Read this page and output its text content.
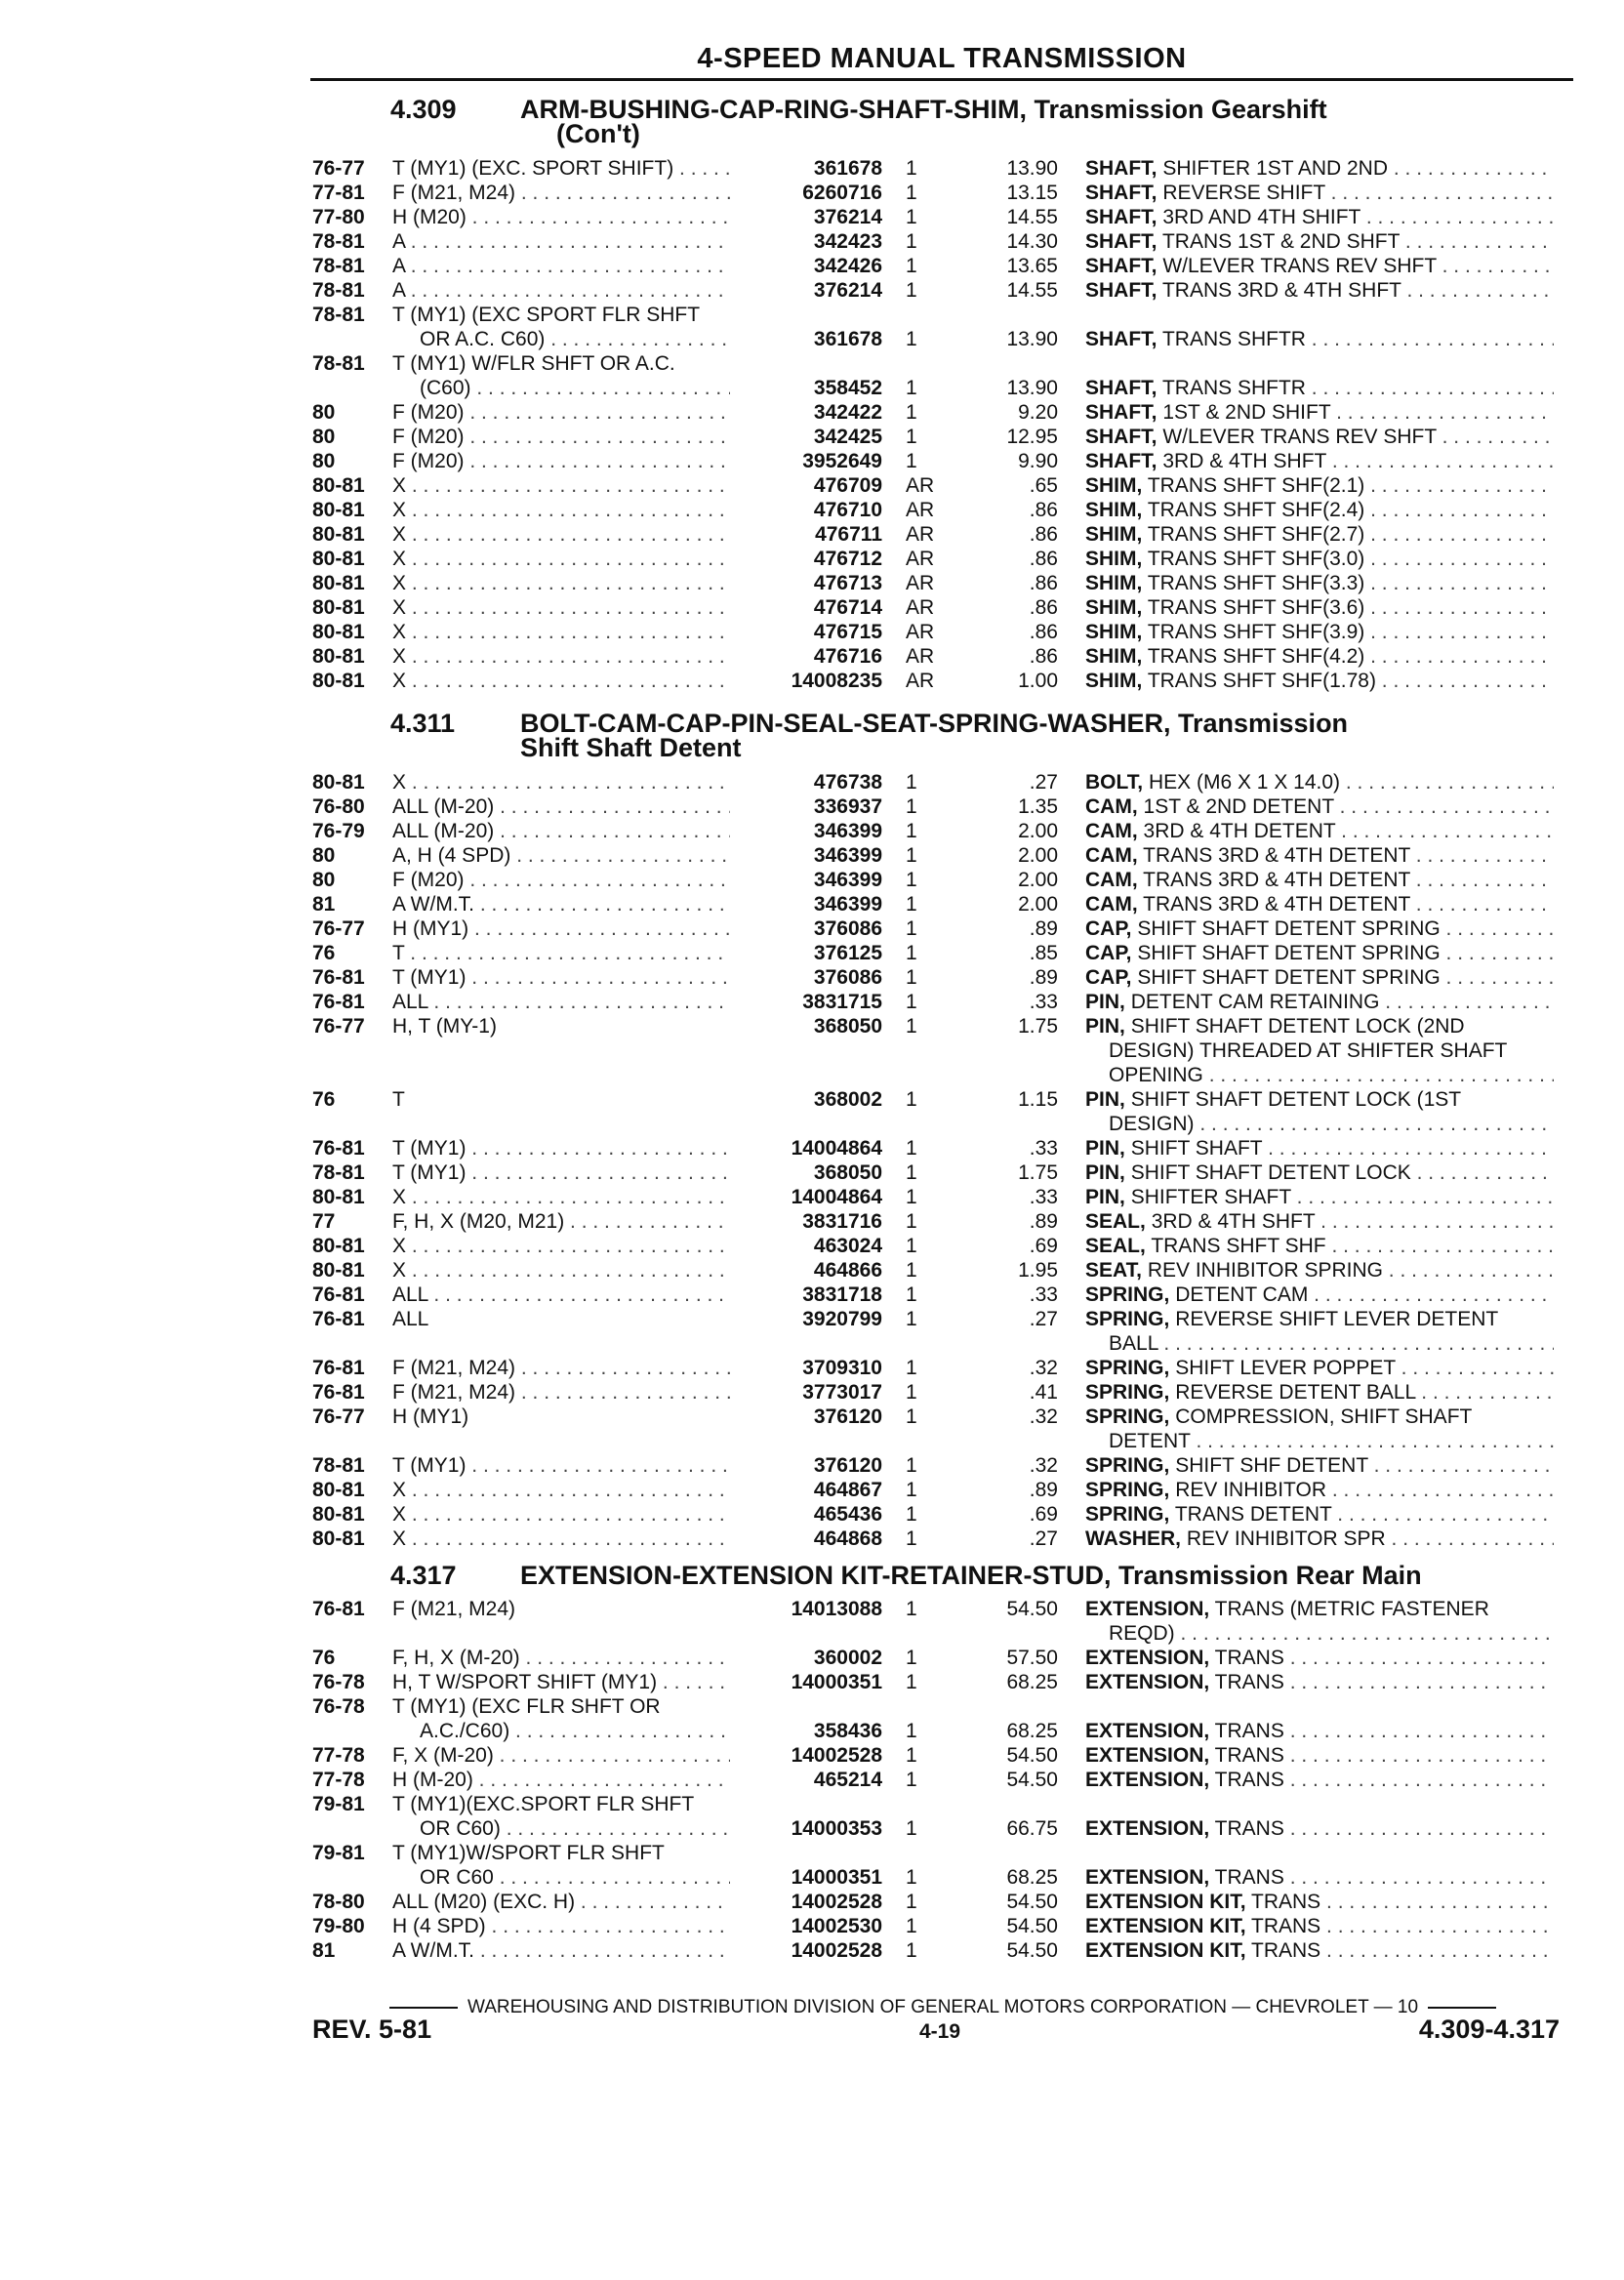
4-SPEED MANUAL TRANSMISSION
4.309 ARM-BUSHING-CAP-RING-SHAFT-SHIM, Transmission Gearshift
(Con't)
76-77 T (MY1) (EXC. SPORT SHIFT) . . .	361678 1	13.90 SHAFT, SHIFTER 1ST AND 2ND . . .
77-81 F (M21, M24) . . .	6260716 1	13.15 SHAFT, REVERSE SHIFT . . .
77-80 H (M20) . . .	376214 1	14.55 SHAFT, 3RD AND 4TH SHIFT . . .
78-81 A . . .	342423 1	14.30 SHAFT, TRANS 1ST & 2ND SHFT . . .
78-81 A . . .	342426 1	13.65 SHAFT, W/LEVER TRANS REV SHFT . . .
78-81 A . . .	376214 1	14.55 SHAFT, TRANS 3RD & 4TH SHFT . . .
78-81 T (MY1) (EXC SPORT FLR SHFT
OR A.C. C60) . . .	361678 1	13.90 SHAFT, TRANS SHFTR . . .
78-81 T (MY1) W/FLR SHFT OR A.C.
(C60) . . .	358452 1	13.90 SHAFT, TRANS SHFTR . . .
80	F (M20) . . .	342422 1	9.20 SHAFT, 1ST & 2ND SHIFT . . .
80	F (M20) . . .	342425 1	12.95 SHAFT, W/LEVER TRANS REV SHFT . . .
80	F (M20) . . .	3952649 1	9.90 SHAFT, 3RD & 4TH SHFT . . .
80-81 X . . .	476709 AR	.65 SHIM, TRANS SHFT SHF(2.1) . . .
80-81 X . . .	476710 AR	.86 SHIM, TRANS SHFT SHF(2.4) . . .
80-81 X . . .	476711 AR	.86 SHIM, TRANS SHFT SHF(2.7) . . .
80-81 X . . .	476712 AR	.86 SHIM, TRANS SHFT SHF(3.0) . . .
80-81 X . . .	476713 AR	.86 SHIM, TRANS SHFT SHF(3.3) . . .
80-81 X . . .	476714 AR	.86 SHIM, TRANS SHFT SHF(3.6) . . .
80-81 X . . .	476715 AR	.86 SHIM, TRANS SHFT SHF(3.9) . . .
80-81 X . . .	476716 AR	.86 SHIM, TRANS SHFT SHF(4.2) . . .
80-81 X . . .	14008235 AR	1.00 SHIM, TRANS SHFT SHF(1.78) . . .
4.311 BOLT-CAM-CAP-PIN-SEAL-SEAT-SPRING-WASHER, Transmission
Shift Shaft Detent
80-81 X . . .	476738 1	.27 BOLT, HEX (M6 X 1 X 14.0) . . .
76-80 ALL (M-20) . . .	336937 1	1.35 CAM, 1ST & 2ND DETENT . . .
76-79 ALL (M-20) . . .	346399 1	2.00 CAM, 3RD & 4TH DETENT . . .
80	A, H (4 SPD) . . .	346399 1	2.00 CAM, TRANS 3RD & 4TH DETENT . . .
80	F (M20) . . .	346399 1	2.00 CAM, TRANS 3RD & 4TH DETENT . . .
81	A W/M.T. . . .	346399 1	2.00 CAM, TRANS 3RD & 4TH DETENT . . .
76-77 H (MY1) . . .	376086 1	.89 CAP, SHIFT SHAFT DETENT SPRING . . .
76	T . . .	376125 1	.85 CAP, SHIFT SHAFT DETENT SPRING . . .
76-81 T (MY1) . . .	376086 1	.89 CAP, SHIFT SHAFT DETENT SPRING . . .
76-81 ALL . . .	3831715 1	.33 PIN, DETENT CAM RETAINING . . .
76-77 H, T (MY-1)	368050 1	1.75 PIN, SHIFT SHAFT DETENT LOCK (2ND
DESIGN) THREADED AT SHIFTER SHAFT
OPENING . . .
76	T	368002 1	1.15 PIN, SHIFT SHAFT DETENT LOCK (1ST
DESIGN) . . .
76-81 T (MY1) . . .	14004864 1	.33 PIN, SHIFT SHAFT . . .
78-81 T (MY1) . . .	368050 1	1.75 PIN, SHIFT SHAFT DETENT LOCK . . .
80-81 X . . .	14004864 1	.33 PIN, SHIFTER SHAFT . . .
77	F, H, X (M20, M21) . . .	3831716 1	.89 SEAL, 3RD & 4TH SHFT . . .
80-81 X . . .	463024 1	.69 SEAL, TRANS SHFT SHF . . .
80-81 X . . .	464866 1	1.95 SEAT, REV INHIBITOR SPRING . . .
76-81 ALL . . .	3831718 1	.33 SPRING, DETENT CAM . . .
76-81 ALL	3920799 1	.27 SPRING, REVERSE SHIFT LEVER DETENT
BALL . . .
76-81 F (M21, M24) . . .	3709310 1	.32 SPRING, SHIFT LEVER POPPET . . .
76-81 F (M21, M24) . . .	3773017 1	.41 SPRING, REVERSE DETENT BALL . . .
76-77 H (MY1)	376120 1	.32 SPRING, COMPRESSION, SHIFT SHAFT
DETENT . . .
78-81 T (MY1) . . .	376120 1	.32 SPRING, SHIFT SHF DETENT . . .
80-81 X . . .	464867 1	.89 SPRING, REV INHIBITOR . . .
80-81 X . . .	465436 1	.69 SPRING, TRANS DETENT . . .
80-81 X . . .	464868 1	.27 WASHER, REV INHIBITOR SPR . . .
4.317 EXTENSION-EXTENSION KIT-RETAINER-STUD, Transmission Rear Main
76-81 F (M21, M24)	14013088 1	54.50 EXTENSION, TRANS (METRIC FASTENER
REQD) . . .
76	F, H, X (M-20) . . .	360002 1	57.50 EXTENSION, TRANS . . .
76-78 H, T W/SPORT SHIFT (MY1) . . .	14000351 1	68.25 EXTENSION, TRANS . . .
76-78 T (MY1) (EXC FLR SHFT OR
A.C./C60) . . .	358436 1	68.25 EXTENSION, TRANS . . .
77-78 F, X (M-20) . . .	14002528 1	54.50 EXTENSION, TRANS . . .
77-78 H (M-20) . . .	465214 1	54.50 EXTENSION, TRANS . . .
79-81 T (MY1)(EXC.SPORT FLR SHFT
OR C60) . . .	14000353 1	66.75 EXTENSION, TRANS . . .
79-81 T (MY1)W/SPORT FLR SHFT
OR C60 . . .	14000351 1	68.25 EXTENSION, TRANS . . .
78-80 ALL (M20) (EXC. H) . . .	14002528 1	54.50 EXTENSION KIT, TRANS . . .
79-80 H (4 SPD) . . .	14002530 1	54.50 EXTENSION KIT, TRANS . . .
81	A W/M.T. . . .	14002528 1	54.50 EXTENSION KIT, TRANS . . .
WAREHOUSING AND DISTRIBUTION DIVISION OF GENERAL MOTORS CORPORATION — CHEVROLET — 10
REV. 5-81	4-19	4.309-4.317
